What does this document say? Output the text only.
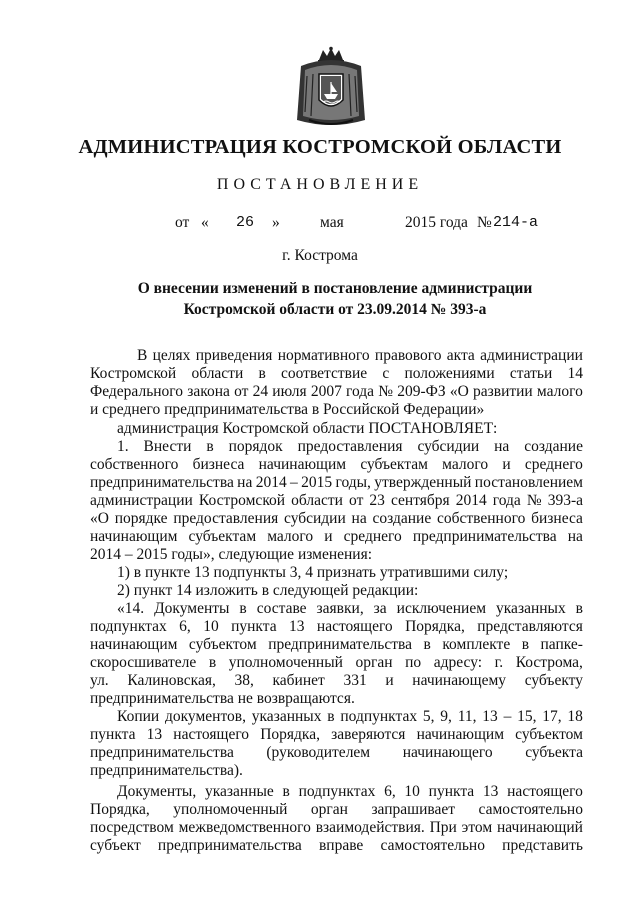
АДМИНИСТРАЦИЯ КОСТРОМСКОЙ ОБЛАСТИ
ПОСТАНОВЛЕНИЕ
от « 26 »	мая	2015 года № 214-а
г. Кострома
О внесении изменений в постановление администрации
Костромской области от 23.09.2014 № 393-а
В целях приведения нормативного правового акта администрации
Костромской области в соответствие с положениями статьи 14
Федерального закона от 24 июля 2007 года № 209-ФЗ «О развитии малого
и среднего предпринимательства в Российской Федерации»
администрация Костромской области ПОСТАНОВЛЯЕТ:
1. Внести в порядок предоставления субсидии на создание
собственного бизнеса начинающим субъектам малого и среднего
предпринимательства на 2014 – 2015 годы, утвержденный постановлением
администрации Костромской области от 23 сентября 2014 года № 393-а
«О порядке предоставления субсидии на создание собственного бизнеса
начинающим субъектам малого и среднего предпринимательства на
2014 – 2015 годы», следующие изменения:
1) в пункте 13 подпункты 3, 4 признать утратившими силу;
2) пункт 14 изложить в следующей редакции:
«14. Документы в составе заявки, за исключением указанных в
подпунктах 6, 10 пункта 13 настоящего Порядка, представляются
начинающим субъектом предпринимательства в комплекте в папке-
скоросшивателе в уполномоченный орган по адресу: г. Кострома,
ул. Калиновская, 38, кабинет 331 и начинающему субъекту
предпринимательства не возвращаются.
Копии документов, указанных в подпунктах 5, 9, 11, 13 – 15, 17, 18
пункта 13 настоящего Порядка, заверяются начинающим субъектом
предпринимательства (руководителем начинающего субъекта
предпринимательства).
Документы, указанные в подпунктах 6, 10 пункта 13 настоящего
Порядка, уполномоченный орган запрашивает самостоятельно
посредством межведомственного взаимодействия. При этом начинающий
субъект предпринимательства вправе самостоятельно представить
